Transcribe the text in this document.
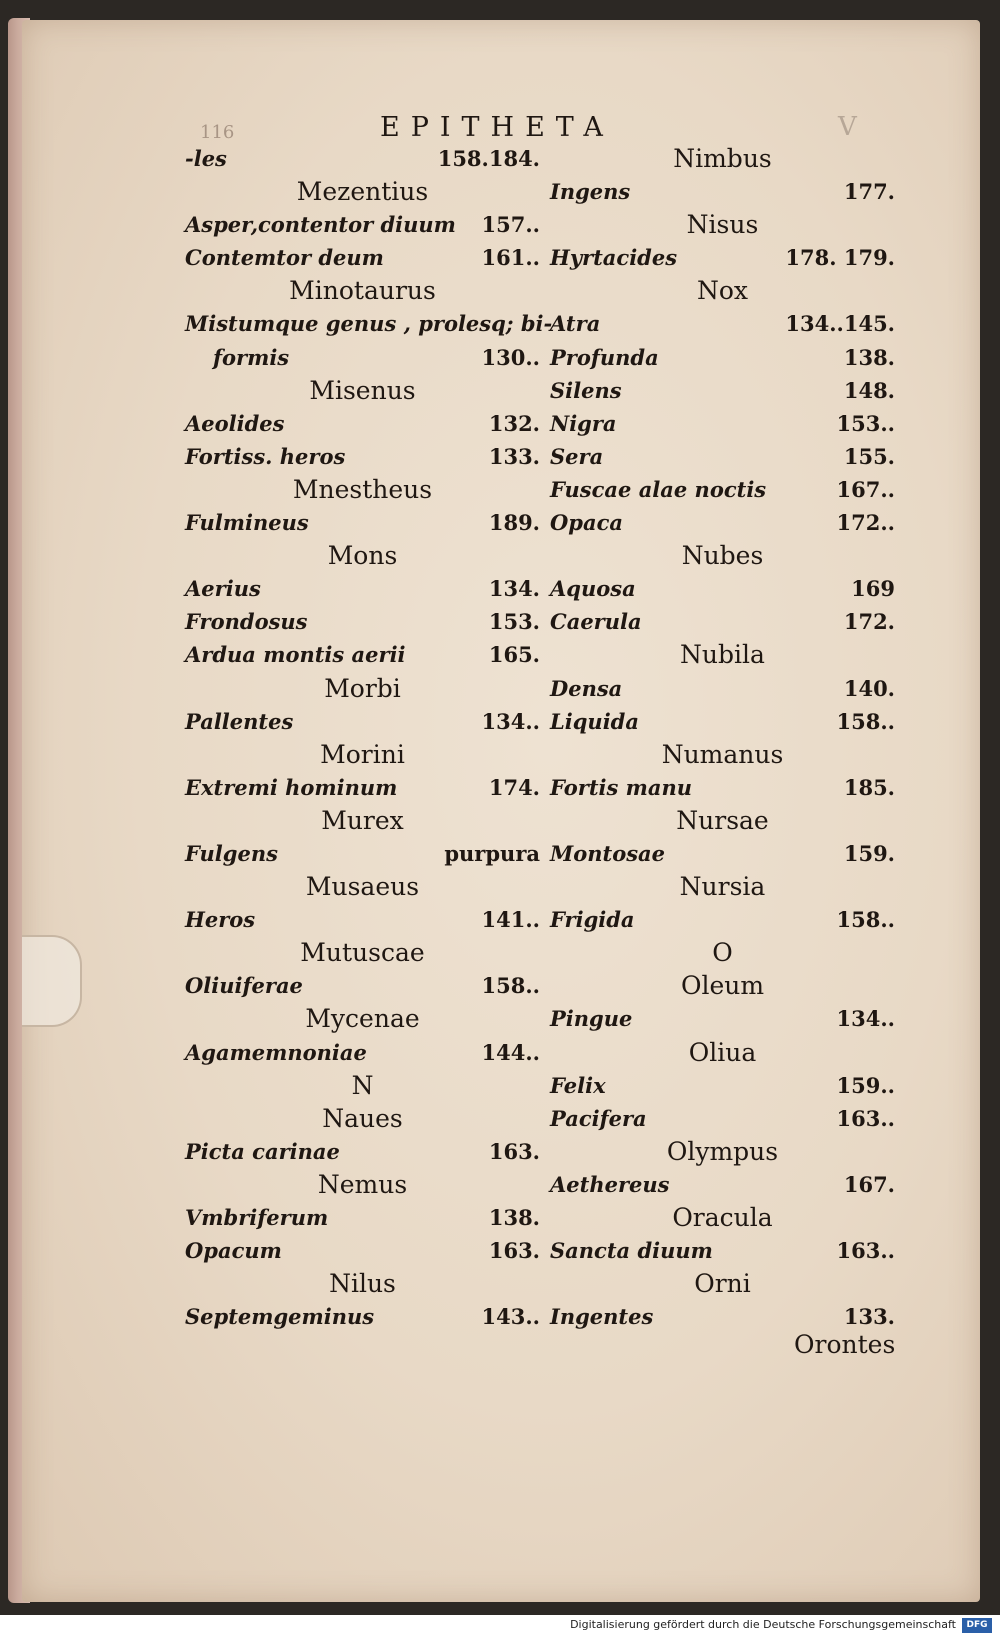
116	EPITHETA	V
-les	158.184.
Mezentius
Asper,contentor diuum 157..
Contemtor deum	161..
Minotaurus
Mistumque genus , prolesq; bi-
formis	130..
Misenus
Aeolides	132.
Fortiss. heros	133.
Mnestheus
Fulmineus	189.
Mons
Aerius	134.
Frondosus	153.
Ardua montis aerii	165.
Morbi
Pallentes	134..
Morini
Extremi hominum	174.
Murex
Fulgens	purpura
Musaeus
Heros	141..
Mutuscae
Oliuiferae	158..
Mycenae
Agamemnoniae	144..
N
Naues
Picta carinae	163.
Nemus
Vmbriferum	138.
Opacum	163.
Nilus
Septemgeminus	143..
Nimbus
Ingens	177.
Nisus
Hyrtacides	178. 179.
Nox
Atra	134..145.
Profunda	138.
Silens	148.
Nigra	153..
Sera	155.
Fuscae alae noctis	167..
Opaca	172..
Nubes
Aquosa	169
Caerula	172.
Nubila
Densa	140.
Liquida	158..
Numanus
Fortis manu	185.
Nursae
Montosae	159.
Nursia
Frigida	158..
O
Oleum
Pingue	134..
Oliua
Felix	159..
Pacifera	163..
Olympus
Aethereus	167.
Oracula
Sancta diuum	163..
Orni
Ingentes	133.
Orontes
Digitalisierung gefördert durch die Deutsche Forschungsgemeinschaft	DFG
